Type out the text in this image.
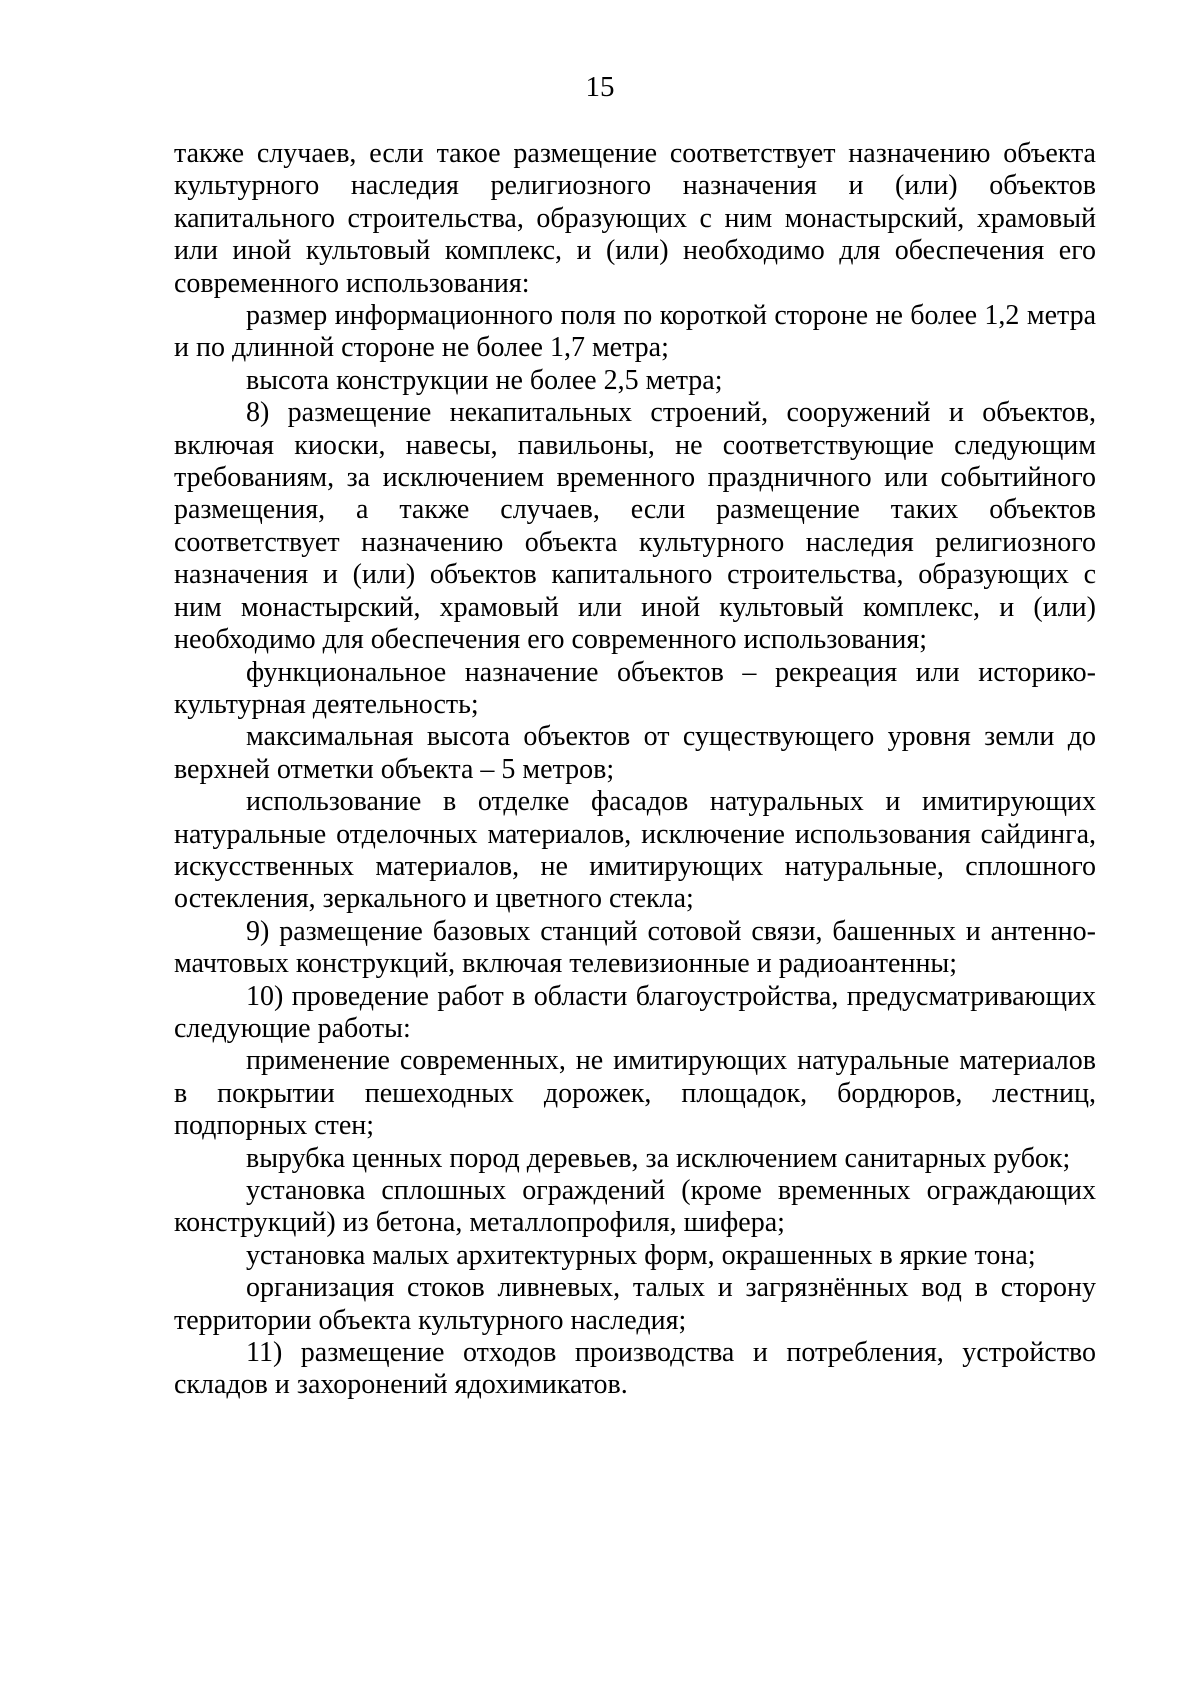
15

также случаев, если такое размещение соответствует назначению объекта культурного наследия религиозного назначения и (или) объектов капитального строительства, образующих с ним монастырский, храмовый или иной культовый комплекс, и (или) необходимо для обеспечения его современного использования:

размер информационного поля по короткой стороне не более 1,2 метра и по длинной стороне не более 1,7 метра;

высота конструкции не более 2,5 метра;

8) размещение некапитальных строений, сооружений и объектов, включая киоски, навесы, павильоны, не соответствующие следующим требованиям, за исключением временного праздничного или событийного размещения, а также случаев, если размещение таких объектов соответствует назначению объекта культурного наследия религиозного назначения и (или) объектов капитального строительства, образующих с ним монастырский, храмовый или иной культовый комплекс, и (или) необходимо для обеспечения его современного использования;

функциональное назначение объектов – рекреация или историко-культурная деятельность;

максимальная высота объектов от существующего уровня земли до верхней отметки объекта – 5 метров;

использование в отделке фасадов натуральных и имитирующих натуральные отделочных материалов, исключение использования сайдинга, искусственных материалов, не имитирующих натуральные, сплошного остекления, зеркального и цветного стекла;

9) размещение базовых станций сотовой связи, башенных и антенно-мачтовых конструкций, включая телевизионные и радиоантенны;

10) проведение работ в области благоустройства, предусматривающих следующие работы:

применение современных, не имитирующих натуральные материалов в покрытии пешеходных дорожек, площадок, бордюров, лестниц, подпорных стен;

вырубка ценных пород деревьев, за исключением санитарных рубок;

установка сплошных ограждений (кроме временных ограждающих конструкций) из бетона, металлопрофиля, шифера;

установка малых архитектурных форм, окрашенных в яркие тона;

организация стоков ливневых, талых и загрязнённых вод в сторону территории объекта культурного наследия;

11) размещение отходов производства и потребления, устройство складов и захоронений ядохимикатов.
